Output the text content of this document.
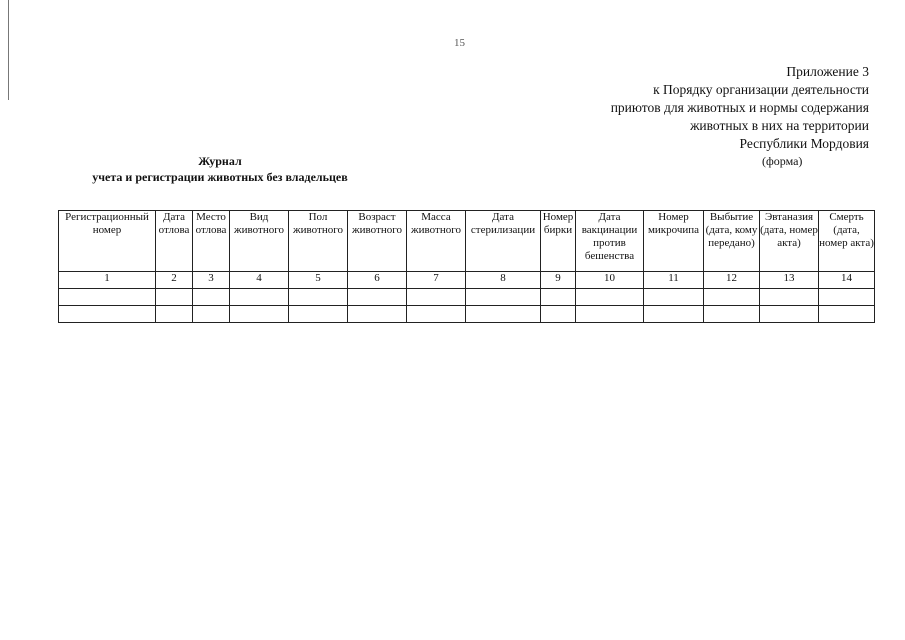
15
Приложение 3
к Порядку организации деятельности
приютов для животных и нормы содержания
животных в них на территории
Республики Мордовия
(форма)
Журнал
учета и регистрации животных без владельцев
Регистрационный номер	Дата отлова	Место отлова	Вид животного	Пол животного	Возраст животного	Масса животного	Дата стерилизации	Номер бирки	Дата вакцинации против бешенства	Номер микрочипа	Выбытие (дата, кому передано)	Эвтаназия (дата, номер акта)	Смерть (дата, номер акта)
1	2	3	4	5	6	7	8	9	10	11	12	13	14
